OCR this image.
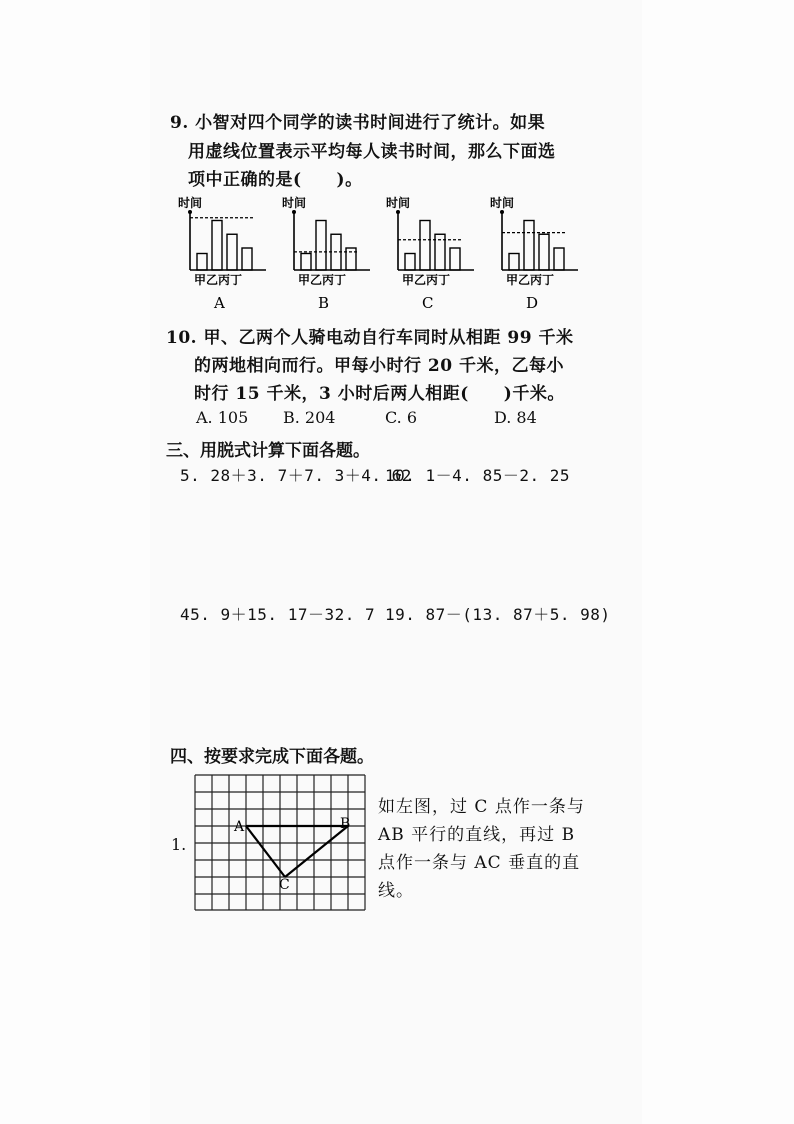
9. 小智对四个同学的读书时间进行了统计。如果
用虚线位置表示平均每人读书时间，那么下面选
项中正确的是(　　)。
时间
甲乙丙丁
A
时间
甲乙丙丁
B
时间
甲乙丙丁
C
时间
甲乙丙丁
D
10. 甲、乙两个人骑电动自行车同时从相距 99 千米
的两地相向而行。甲每小时行 20 千米，乙每小
时行 15 千米，3 小时后两人相距(　　)千米。
A. 105 B. 204	C. 6	D. 84
三、用脱式计算下面各题。
5. 28＋3. 7＋7. 3＋4. 62
10. 1－4. 85－2. 25
45. 9＋15. 17－32. 7 19. 87－(13. 87＋5. 98)
四、按要求完成下面各题。
1.
A	B
C
如左图，过 C 点作一条与
AB 平行的直线，再过 B
点作一条与 AC 垂直的直
线。
